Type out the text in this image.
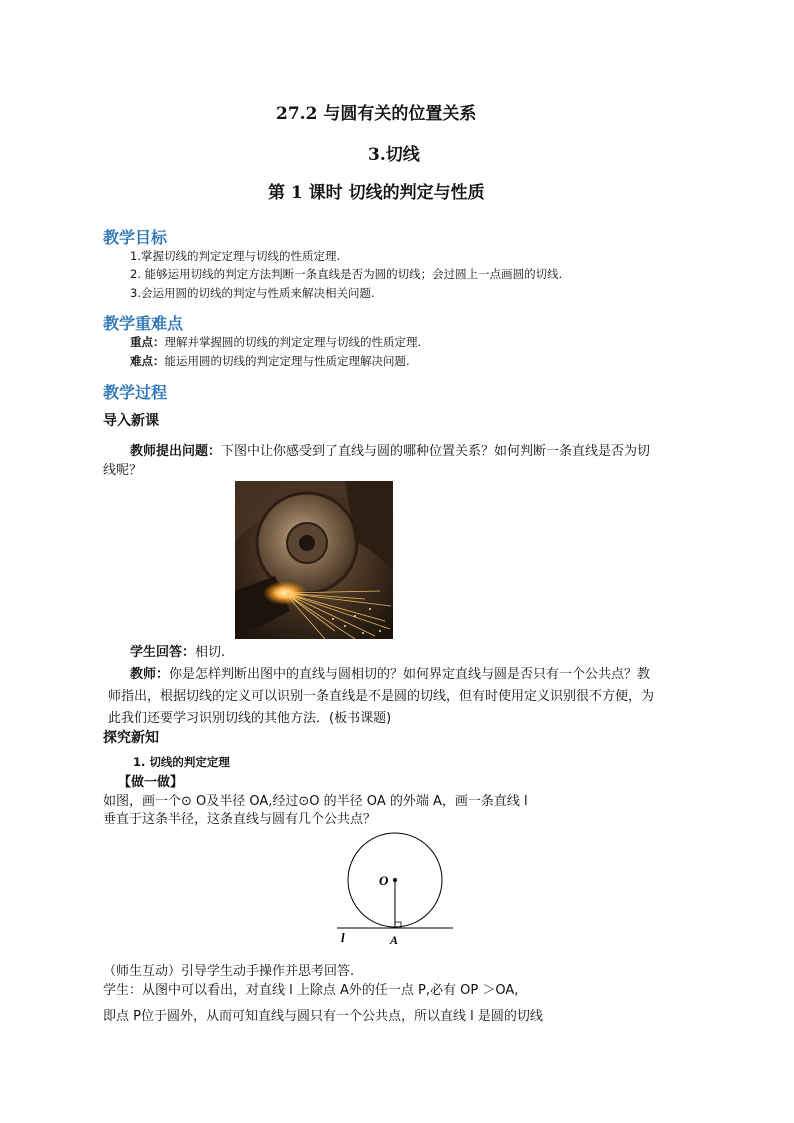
27.2 与圆有关的位置关系
3.切线
第 1 课时 切线的判定与性质
教学目标
1.掌握切线的判定定理与切线的性质定理.
2. 能够运用切线的判定方法判断一条直线是否为圆的切线；会过圆上一点画圆的切线.
3.会运用圆的切线的判定与性质来解决相关问题.
教学重难点
重点：理解并掌握圆的切线的判定定理与切线的性质定理.
难点：能运用圆的切线的判定定理与性质定理解决问题.
教学过程
导入新课
教师提出问题：下图中让你感受到了直线与圆的哪种位置关系？如何判断一条直线是否为切
线呢？
学生回答：相切.
教师：你是怎样判断出图中的直线与圆相切的？如何界定直线与圆是否只有一个公共点？教
师指出，根据切线的定义可以识别一条直线是不是圆的切线，但有时使用定义识别很不方便，为
此我们还要学习识别切线的其他方法．(板书课题)
探究新知
1. 切线的判定定理
【做一做】
如图，画一个⊙ O及半径 OA,经过⊙O 的半径 OA 的外端 A，画一条直线 l
垂直于这条半径，这条直线与圆有几个公共点？
O
A
l
（师生互动）引导学生动手操作并思考回答.
学生：从图中可以看出，对直线 l 上除点 A外的任一点 P,必有 OP ＞OA,
即点 P位于圆外，从而可知直线与圆只有一个公共点，所以直线 l 是圆的切线
